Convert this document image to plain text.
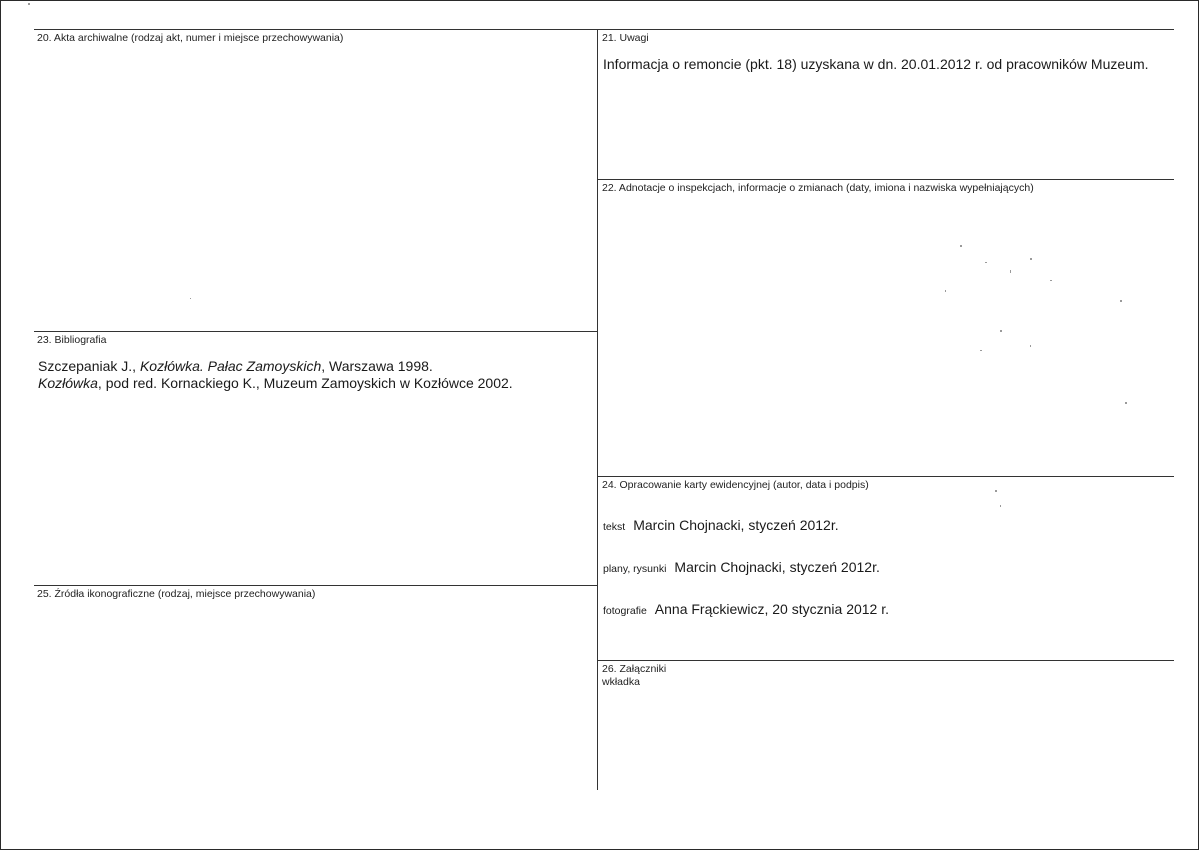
20. Akta archiwalne (rodzaj akt, numer i miejsce przechowywania)	21. Uwagi
Informacja o remoncie (pkt. 18) uzyskana w dn. 20.01.2012 r. od pracowników Muzeum.
22. Adnotacje o inspekcjach, informacje o zmianach (daty, imiona i nazwiska wypełniających)
23. Bibliografia
Szczepaniak J., Kozłówka. Pałac Zamoyskich, Warszawa 1998.
Kozłówka, pod red. Kornackiego K., Muzeum Zamoyskich w Kozłówce 2002.
24. Opracowanie karty ewidencyjnej (autor, data i podpis)
tekst Marcin Chojnacki, styczeń 2012r.
plany, rysunki Marcin Chojnacki, styczeń 2012r.
fotografie Anna Frąckiewicz, 20 stycznia 2012 r.
25. Źródła ikonograficzne (rodzaj, miejsce przechowywania)
26. Załączniki
wkładka
